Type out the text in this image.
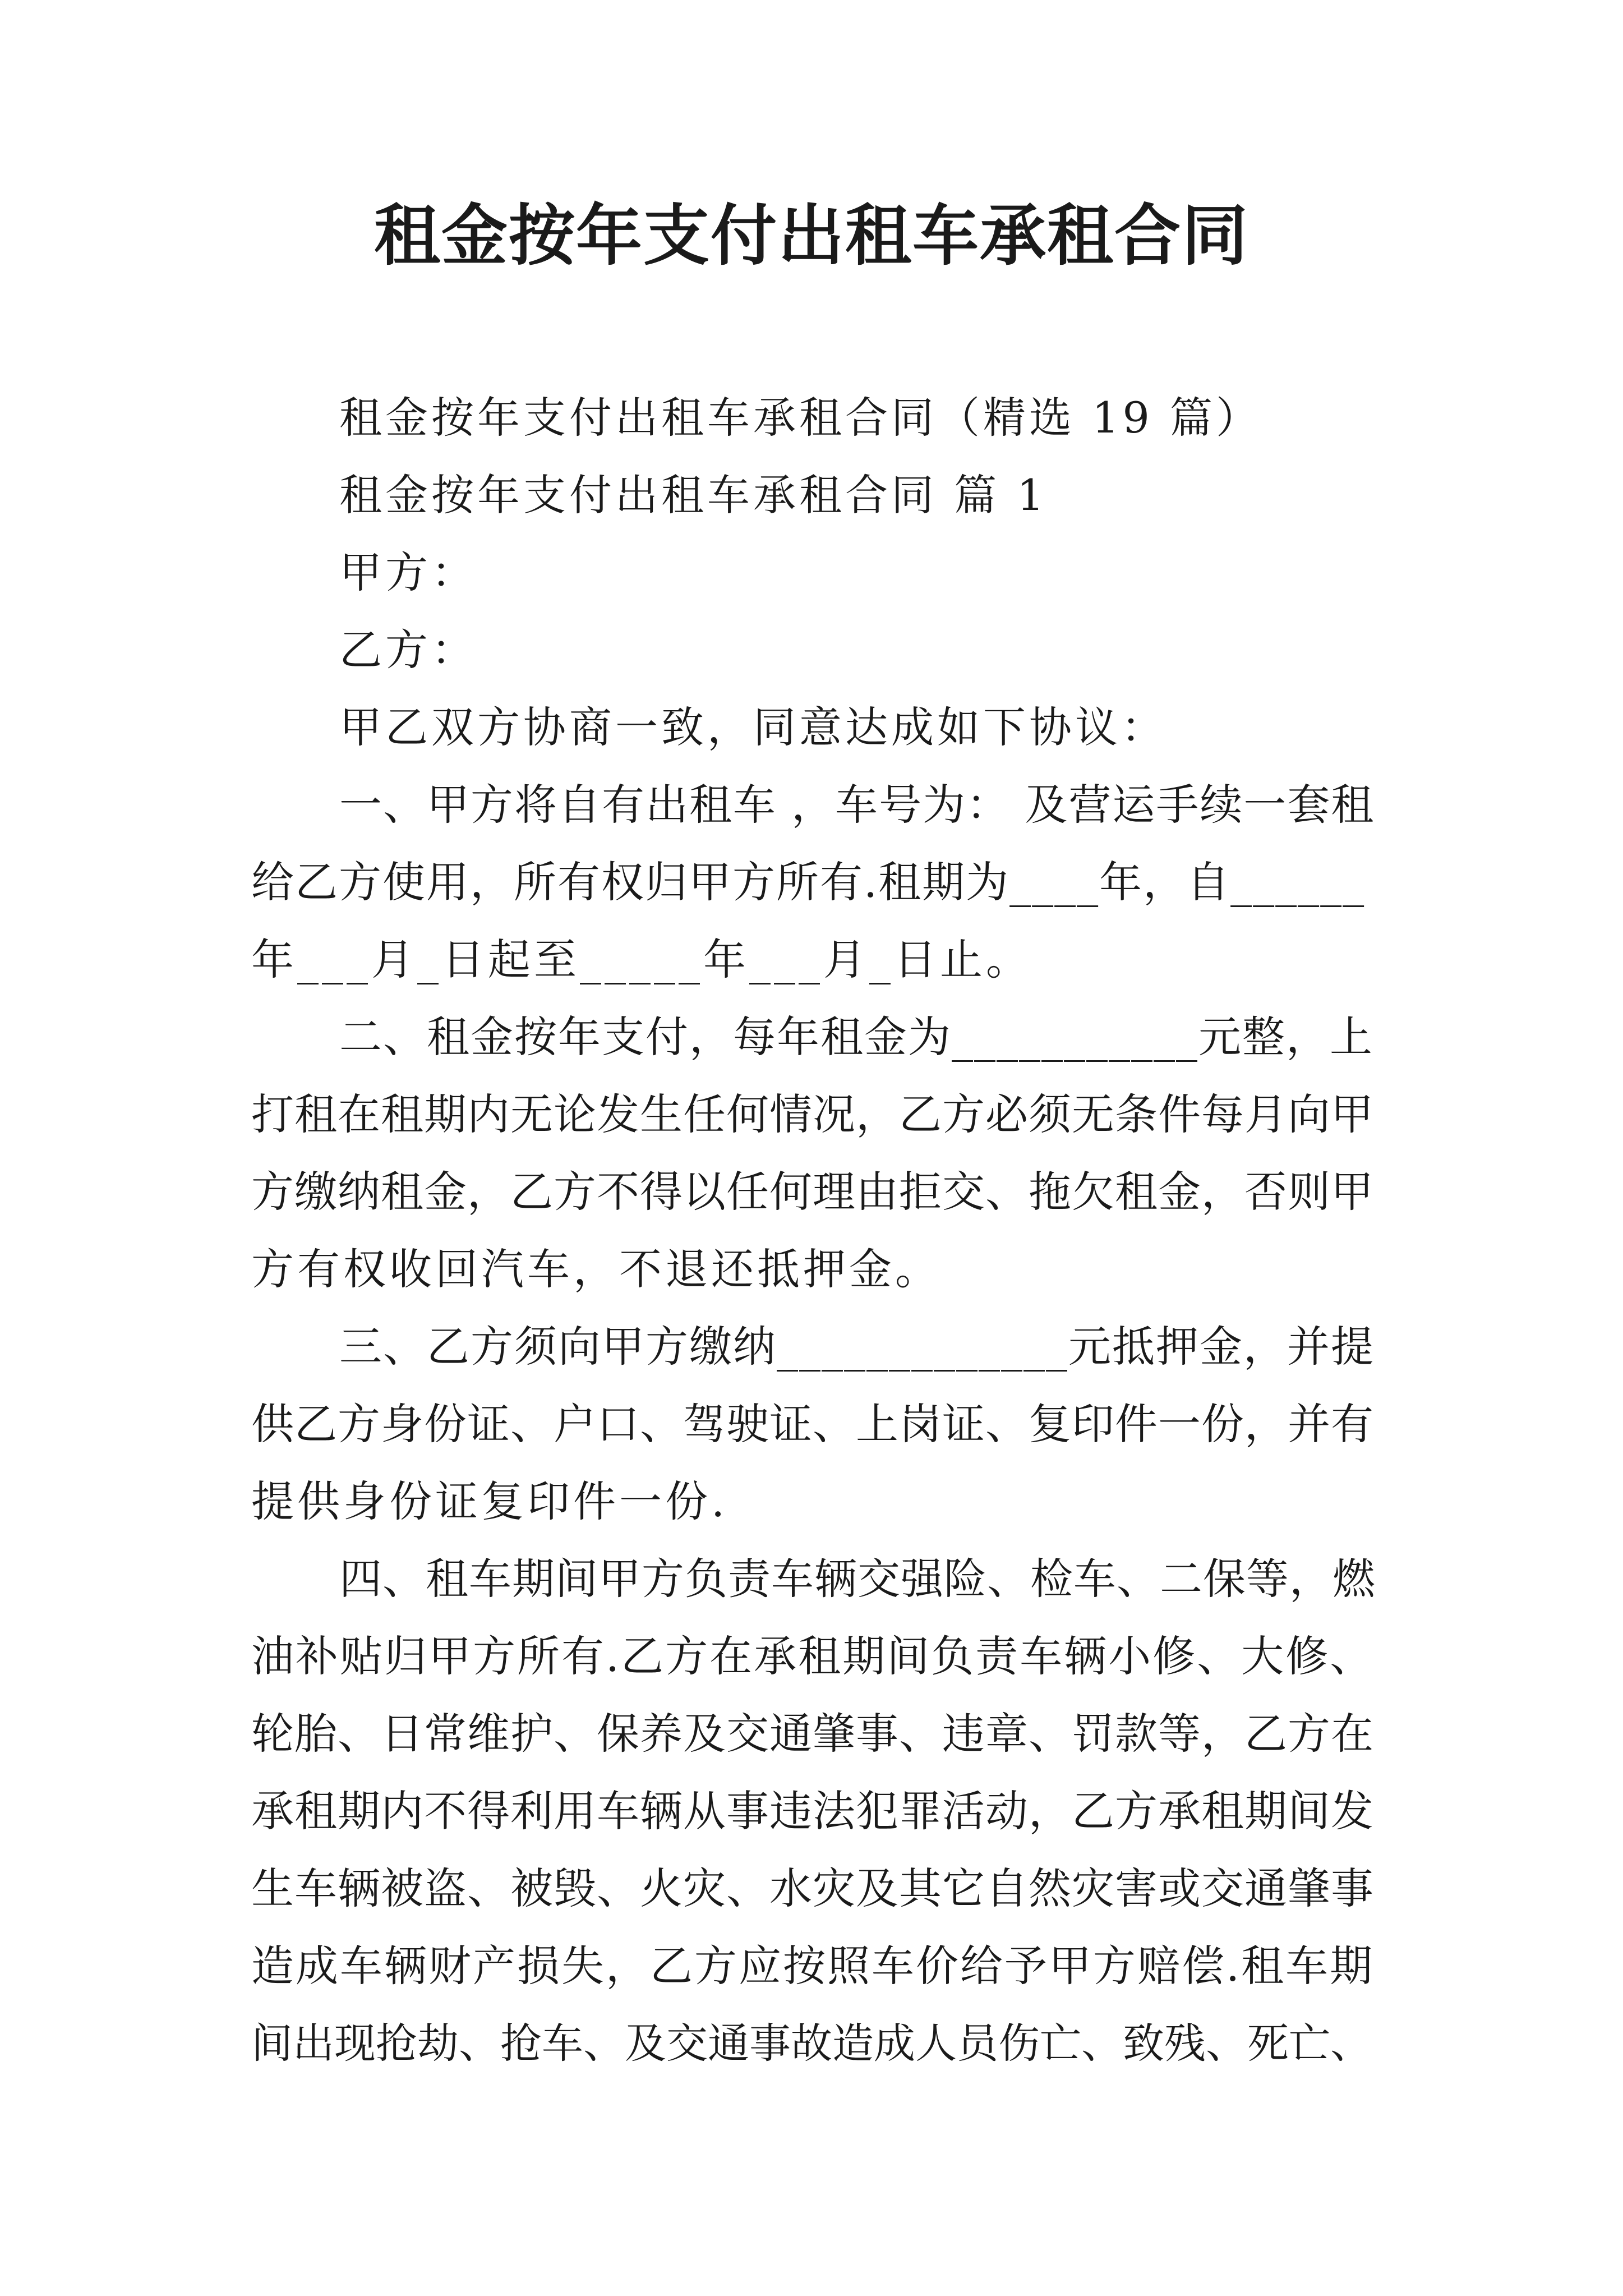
租金按年支付出租车承租合同
租金按年支付出租车承租合同（精选 19 篇）
租金按年支付出租车承租合同 篇 1
甲方：
乙方：
甲乙双方协商一致，同意达成如下协议：
一、甲方将自有出租车 ，车号为： 及营运手续一套租
给乙方使用，所有权归甲方所有.租期为____年，自______
年___月_日起至_____年___月_日止。
二、租金按年支付，每年租金为___________元整，上
打租在租期内无论发生任何情况，乙方必须无条件每月向甲
方缴纳租金，乙方不得以任何理由拒交、拖欠租金，否则甲
方有权收回汽车，不退还抵押金。
三、乙方须向甲方缴纳_____________元抵押金，并提
供乙方身份证、户口、驾驶证、上岗证、复印件一份，并有
提供身份证复印件一份.
四、租车期间甲方负责车辆交强险、检车、二保等，燃
油补贴归甲方所有.乙方在承租期间负责车辆小修、大修、
轮胎、日常维护、保养及交通肇事、违章、罚款等，乙方在
承租期内不得利用车辆从事违法犯罪活动，乙方承租期间发
生车辆被盗、被毁、火灾、水灾及其它自然灾害或交通肇事
造成车辆财产损失，乙方应按照车价给予甲方赔偿.租车期
间出现抢劫、抢车、及交通事故造成人员伤亡、致残、死亡、
